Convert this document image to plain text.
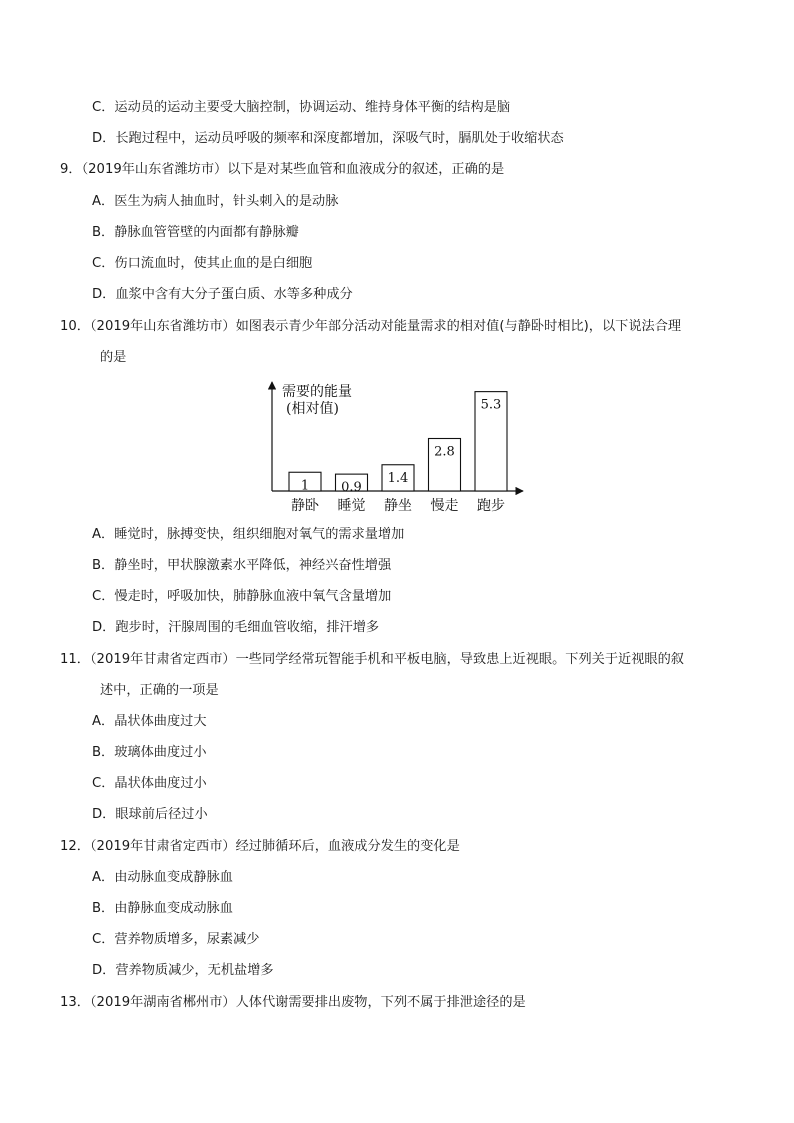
C．运动员的运动主要受大脑控制，协调运动、维持身体平衡的结构是脑
D．长跑过程中，运动员呼吸的频率和深度都增加，深吸气时，膈肌处于收缩状态
9．（2019年山东省潍坊市）以下是对某些血管和血液成分的叙述，正确的是
A．医生为病人抽血时，针头刺入的是动脉
B．静脉血管管壁的内面都有静脉瓣
C．伤口流血时，使其止血的是白细胞
D．血浆中含有大分子蛋白质、水等多种成分
10．（2019年山东省潍坊市）如图表示青少年部分活动对能量需求的相对值(与静卧时相比)，以下说法合理
的是
A．睡觉时，脉搏变快，组织细胞对氧气的需求量增加
B．静坐时，甲状腺激素水平降低，神经兴奋性增强
C．慢走时，呼吸加快，肺静脉血液中氧气含量增加
D．跑步时，汗腺周围的毛细血管收缩，排汗增多
11．（2019年甘肃省定西市）一些同学经常玩智能手机和平板电脑，导致患上近视眼。下列关于近视眼的叙
述中，正确的一项是
A．晶状体曲度过大
B．玻璃体曲度过小
C．晶状体曲度过小
D．眼球前后径过小
12．（2019年甘肃省定西市）经过肺循环后，血液成分发生的变化是
A．由动脉血变成静脉血
B．由静脉血变成动脉血
C．营养物质增多，尿素减少
D．营养物质减少，无机盐增多
13．（2019年湖南省郴州市）人体代谢需要排出废物，下列不属于排泄途径的是
需要的能量
(相对值)
1
静卧
0.9
睡觉
1.4
静坐
2.8
慢走
5.3
跑步
